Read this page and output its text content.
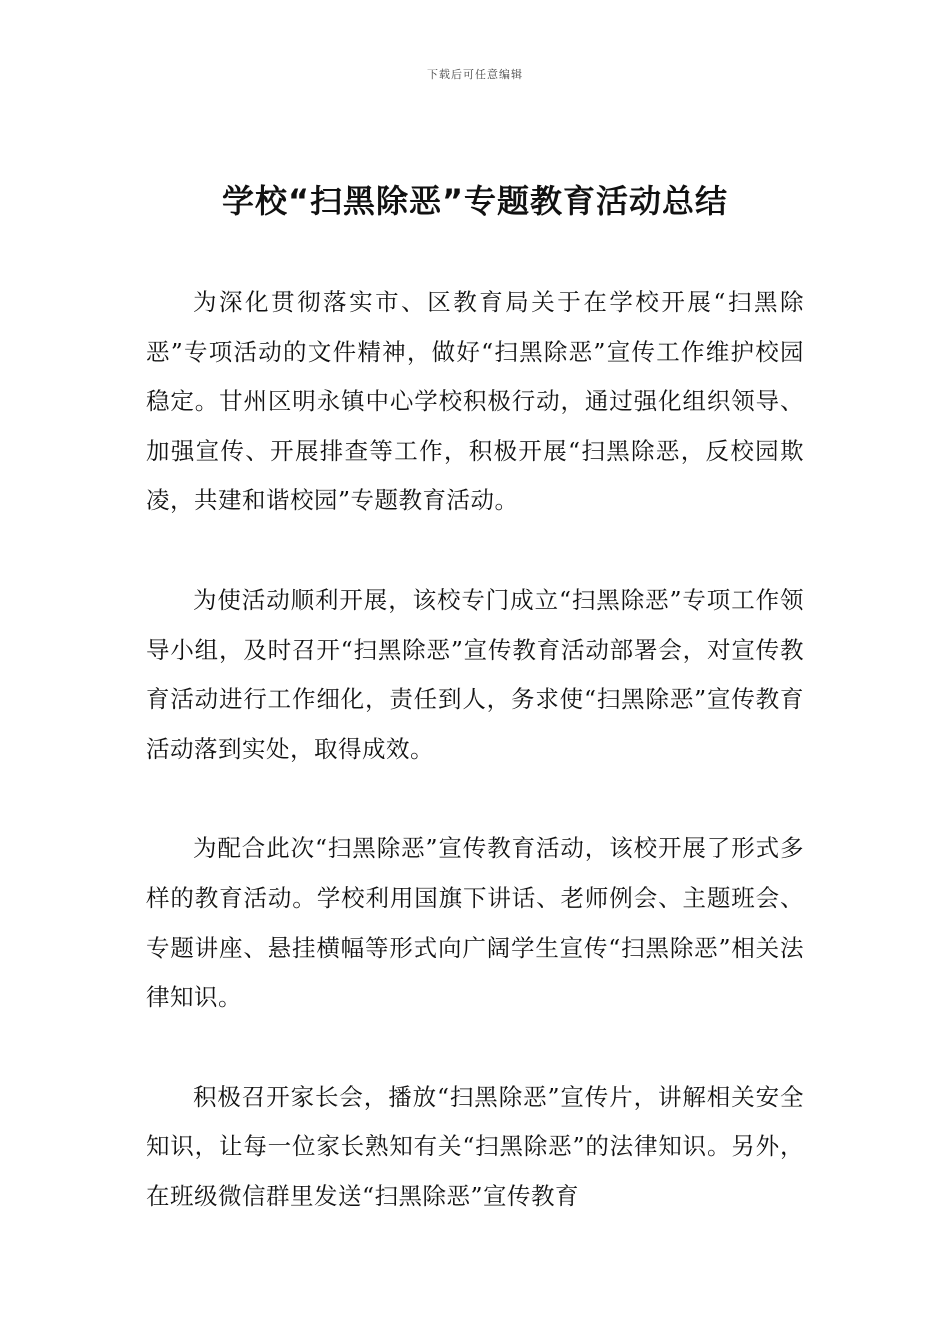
下载后可任意编辑
学校“扫黑除恶”专题教育活动总结

为深化贯彻落实市、区教育局关于在学校开展“扫黑除恶”专项活动的文件精神，做好“扫黑除恶”宣传工作维护校园稳定。甘州区明永镇中心学校积极行动，通过强化组织领导、加强宣传、开展排查等工作，积极开展“扫黑除恶，反校园欺凌，共建和谐校园”专题教育活动。

为使活动顺利开展，该校专门成立“扫黑除恶”专项工作领导小组，及时召开“扫黑除恶”宣传教育活动部署会，对宣传教育活动进行工作细化，责任到人，务求使“扫黑除恶”宣传教育活动落到实处，取得成效。

为配合此次“扫黑除恶”宣传教育活动，该校开展了形式多样的教育活动。学校利用国旗下讲话、老师例会、主题班会、专题讲座、悬挂横幅等形式向广阔学生宣传“扫黑除恶”相关法律知识。

积极召开家长会，播放“扫黑除恶”宣传片，讲解相关安全知识，让每一位家长熟知有关“扫黑除恶”的法律知识。另外，在班级微信群里发送“扫黑除恶”宣传教育
